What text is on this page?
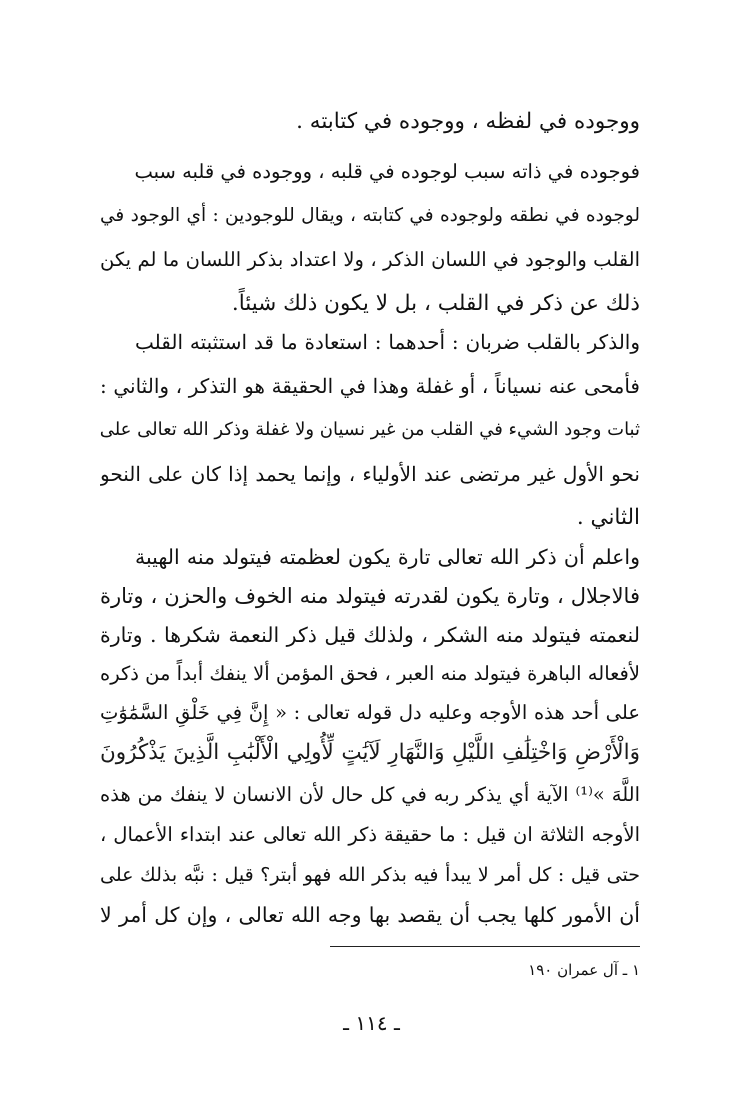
ووجوده في لفظه ، ووجوده في كتابته .
فوجوده في ذاته سبب لوجوده في قلبه ، ووجوده في قلبه سبب
لوجوده في نطقه ولوجوده في كتابته ، ويقال للوجودين : أي الوجود في
القلب والوجود في اللسان الذكر ، ولا اعتداد بذكر اللسان ما لم يكن
ذلك عن ذكر في القلب ، بل لا يكون ذلك شيئاً.
والذكر بالقلب ضربان : أحدهما : استعادة ما قد استثبته القلب
فأمحى عنه نسياناً ، أو غفلة وهذا في الحقيقة هو التذكر ، والثاني :
ثبات وجود الشيء في القلب من غير نسيان ولا غفلة وذكر الله تعالى على
نحو الأول غير مرتضى عند الأولياء ، وإنما يحمد إذا كان على النحو
الثاني .
واعلم أن ذكر الله تعالى تارة يكون لعظمته فيتولد منه الهيبة
فالاجلال ، وتارة يكون لقدرته فيتولد منه الخوف والحزن ، وتارة
لنعمته فيتولد منه الشكر ، ولذلك قيل ذكر النعمة شكرها . وتارة
لأفعاله الباهرة فيتولد منه العبر ، فحق المؤمن ألا ينفك أبداً من ذكره
على أحد هذه الأوجه وعليه دل قوله تعالى : « إِنَّ فِي خَلْقِ السَّمَٰوَٰتِ
وَالْأَرْضِ وَاخْتِلَٰفِ اللَّيْلِ وَالنَّهَارِ لَآيَٰتٍ لِّأُولِي الْأَلْبَٰبِ الَّذِينَ يَذْكُرُونَ
اللَّهَ »⁽¹⁾ الآية أي يذكر ربه في كل حال لأن الانسان لا ينفك من هذه
الأوجه الثلاثة ان قيل : ما حقيقة ذكر الله تعالى عند ابتداء الأعمال ،
حتى قيل : كل أمر لا يبدأ فيه بذكر الله فهو أبتر؟ قيل : نبَّه بذلك على
أن الأمور كلها يجب أن يقصد بها وجه الله تعالى ، وإن كل أمر لا
١ ـ آل عمران ١٩٠
ـ ١١٤ ـ
